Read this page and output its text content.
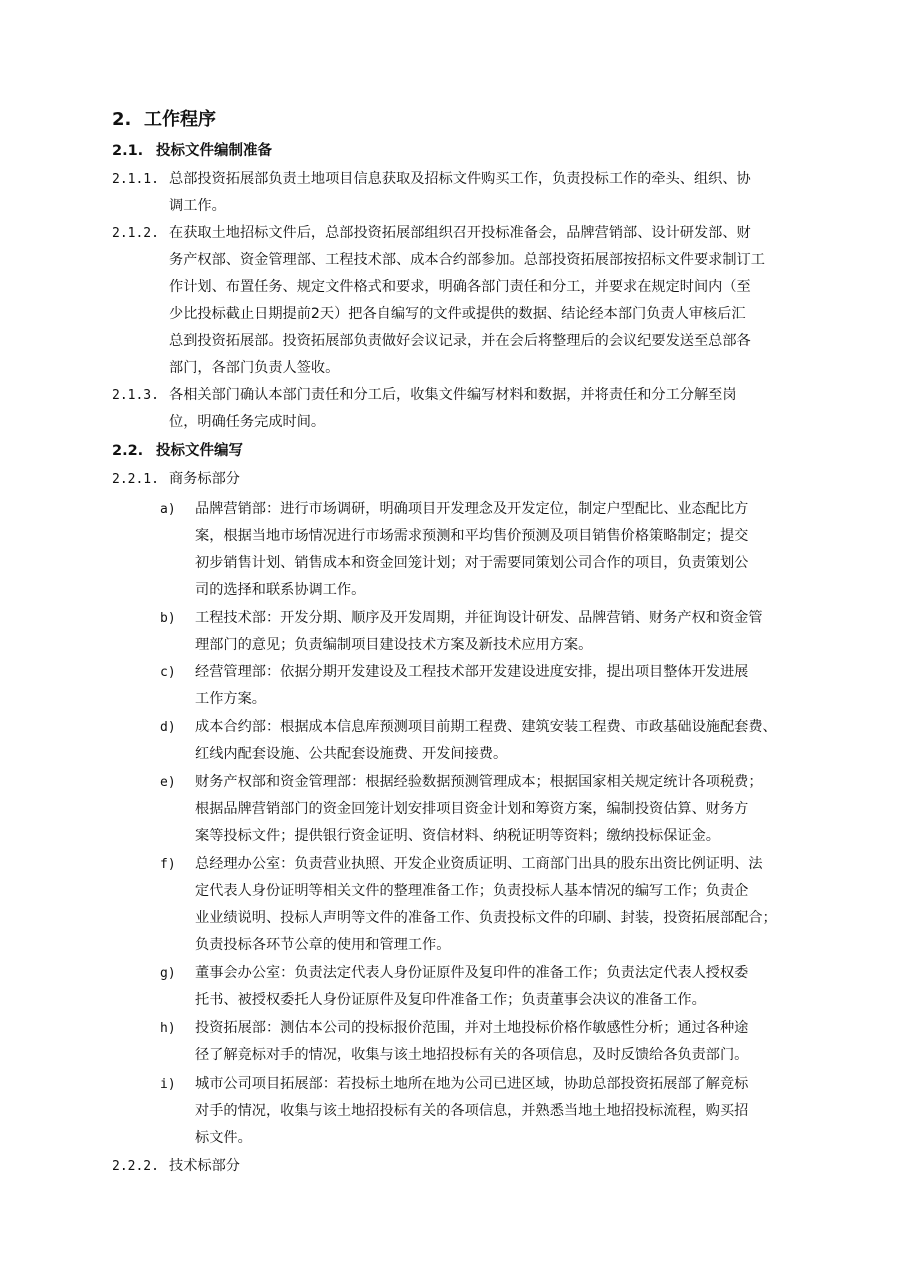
2. 工作程序
2.1. 投标文件编制准备
2.1.1. 总部投资拓展部负责土地项目信息获取及招标文件购买工作，负责投标工作的牵头、组织、协
调工作。
2.1.2. 在获取土地招标文件后，总部投资拓展部组织召开投标准备会，品牌营销部、设计研发部、财
务产权部、资金管理部、工程技术部、成本合约部参加。总部投资拓展部按招标文件要求制订工
作计划、布置任务、规定文件格式和要求，明确各部门责任和分工，并要求在规定时间内（至
少比投标截止日期提前2天）把各自编写的文件或提供的数据、结论经本部门负责人审核后汇
总到投资拓展部。投资拓展部负责做好会议记录，并在会后将整理后的会议纪要发送至总部各
部门，各部门负责人签收。
2.1.3. 各相关部门确认本部门责任和分工后，收集文件编写材料和数据，并将责任和分工分解至岗
位，明确任务完成时间。
2.2. 投标文件编写
2.2.1. 商务标部分
a) 品牌营销部：进行市场调研，明确项目开发理念及开发定位，制定户型配比、业态配比方
案，根据当地市场情况进行市场需求预测和平均售价预测及项目销售价格策略制定；提交
初步销售计划、销售成本和资金回笼计划；对于需要同策划公司合作的项目，负责策划公
司的选择和联系协调工作。
b) 工程技术部：开发分期、顺序及开发周期，并征询设计研发、品牌营销、财务产权和资金管
理部门的意见；负责编制项目建设技术方案及新技术应用方案。
c) 经营管理部：依据分期开发建设及工程技术部开发建设进度安排，提出项目整体开发进展
工作方案。
d) 成本合约部：根据成本信息库预测项目前期工程费、建筑安装工程费、市政基础设施配套费、
红线内配套设施、公共配套设施费、开发间接费。
e) 财务产权部和资金管理部：根据经验数据预测管理成本；根据国家相关规定统计各项税费；
根据品牌营销部门的资金回笼计划安排项目资金计划和筹资方案，编制投资估算、财务方
案等投标文件；提供银行资金证明、资信材料、纳税证明等资料；缴纳投标保证金。
f) 总经理办公室：负责营业执照、开发企业资质证明、工商部门出具的股东出资比例证明、法
定代表人身份证明等相关文件的整理准备工作；负责投标人基本情况的编写工作；负责企
业业绩说明、投标人声明等文件的准备工作、负责投标文件的印刷、封装，投资拓展部配合；
负责投标各环节公章的使用和管理工作。
g) 董事会办公室：负责法定代表人身份证原件及复印件的准备工作；负责法定代表人授权委
托书、被授权委托人身份证原件及复印件准备工作；负责董事会决议的准备工作。
h) 投资拓展部：测估本公司的投标报价范围，并对土地投标价格作敏感性分析；通过各种途
径了解竞标对手的情况，收集与该土地招投标有关的各项信息，及时反馈给各负责部门。
i) 城市公司项目拓展部：若投标土地所在地为公司已进区域，协助总部投资拓展部了解竞标
对手的情况，收集与该土地招投标有关的各项信息，并熟悉当地土地招投标流程，购买招
标文件。
2.2.2. 技术标部分
